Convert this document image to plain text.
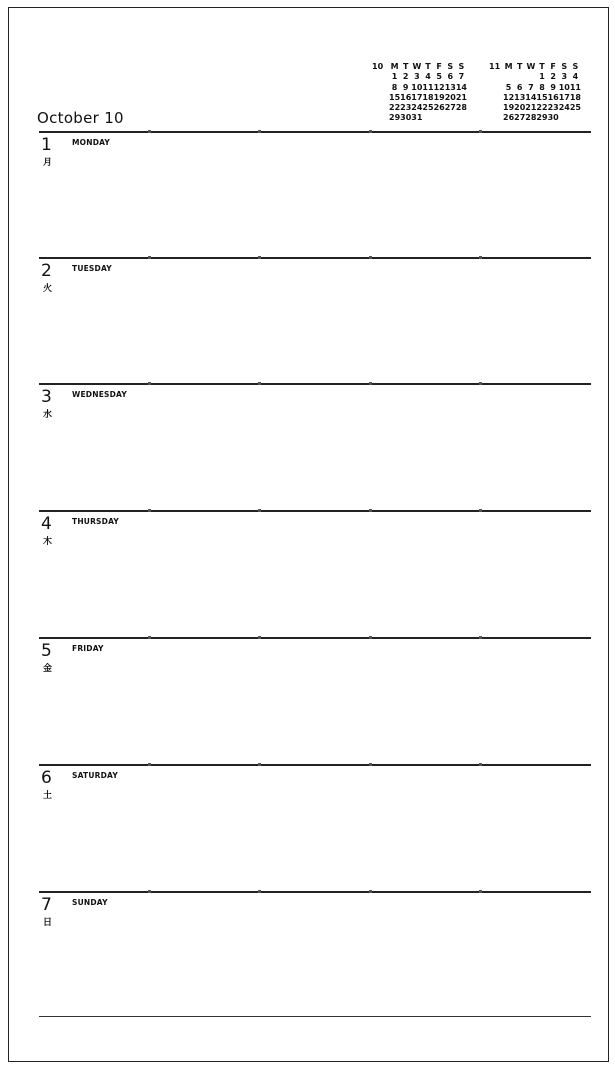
October 10
10 M	T	W	T	F	S	S
1	2	3	4	5	6	7
8	9	10	11	12	13	14
15	16	17	18	19	20	21
22	23	24	25	26	27	28
29	30	31				
11 M	T	W	T	F	S	S
			1	2	3	4
5	6	7	8	9	10	11
12	13	14	15	16	17	18
19	20	21	22	23	24	25
26	27	28	29	30		
1
月
MONDAY
2
火
TUESDAY
3
水
WEDNESDAY
4
木
THURSDAY
5
金
FRIDAY
6
土
SATURDAY
7
日
SUNDAY
